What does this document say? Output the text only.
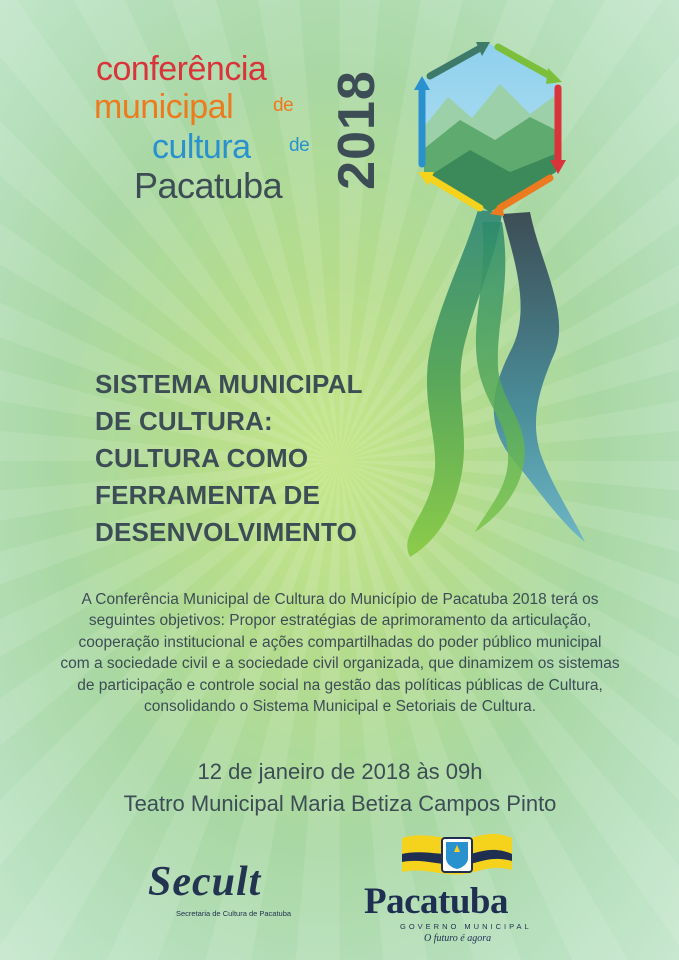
conferência
municipal de
cultura de
Pacatuba 2018
SISTEMA MUNICIPAL
DE CULTURA:
CULTURA COMO
FERRAMENTA DE
DESENVOLVIMENTO
A Conferência Municipal de Cultura do Município de Pacatuba 2018 terá os
seguintes objetivos: Propor estratégias de aprimoramento da articulação,
cooperação institucional e ações compartilhadas do poder público municipal
com a sociedade civil e a sociedade civil organizada, que dinamizem os sistemas
de participação e controle social na gestão das políticas públicas de Cultura,
consolidando o Sistema Municipal e Setoriais de Cultura.
12 de janeiro de 2018 às 09h
Teatro Municipal Maria Betiza Campos Pinto
Secult
Secretaria de Cultura de Pacatuba Pacatuba
GOVERNO MUNICIPAL
O futuro é agora
